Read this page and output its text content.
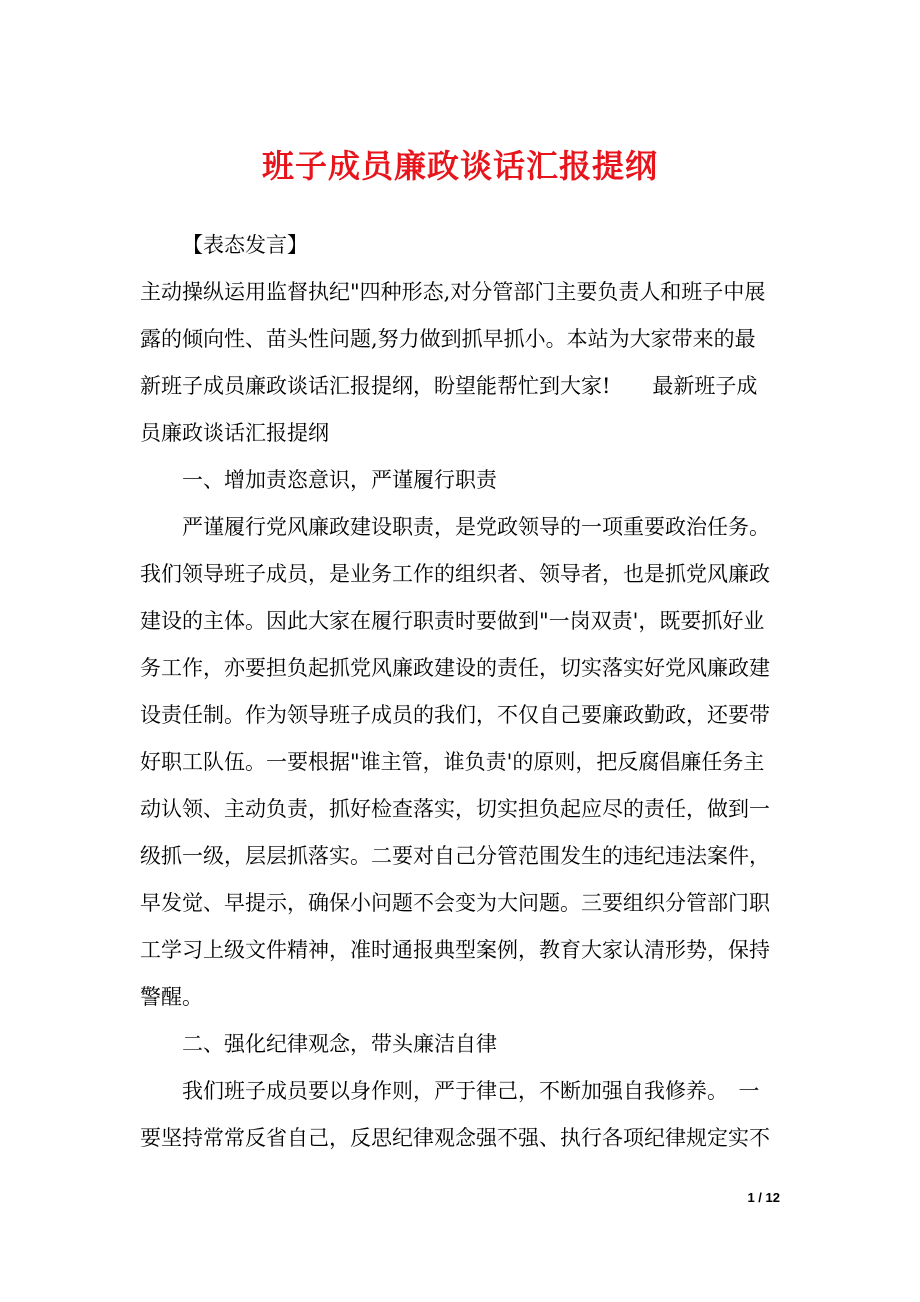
班子成员廉政谈话汇报提纲
【表态发言】
主动操纵运用监督执纪"四种形态,对分管部门主要负责人和班子中展
露的倾向性、苗头性问题,努力做到抓早抓小。本站为大家带来的最
新班子成员廉政谈话汇报提纲，盼望能帮忙到大家!　　最新班子成
员廉政谈话汇报提纲
一、增加责恣意识，严谨履行职责
严谨履行党风廉政建设职责，是党政领导的一项重要政治任务。
我们领导班子成员，是业务工作的组织者、领导者，也是抓党风廉政
建设的主体。因此大家在履行职责时要做到"一岗双责'，既要抓好业
务工作，亦要担负起抓党风廉政建设的责任，切实落实好党风廉政建
设责任制。作为领导班子成员的我们，不仅自己要廉政勤政，还要带
好职工队伍。一要根据"谁主管，谁负责'的原则，把反腐倡廉任务主
动认领、主动负责，抓好检查落实，切实担负起应尽的责任，做到一
级抓一级，层层抓落实。二要对自己分管范围发生的违纪违法案件，
早发觉、早提示，确保小问题不会变为大问题。三要组织分管部门职
工学习上级文件精神，准时通报典型案例，教育大家认清形势，保持
警醒。
二、强化纪律观念，带头廉洁自律
我们班子成员要以身作则，严于律己，不断加强自我修养。　一
要坚持常常反省自己，反思纪律观念强不强、执行各项纪律规定实不
1 / 12
